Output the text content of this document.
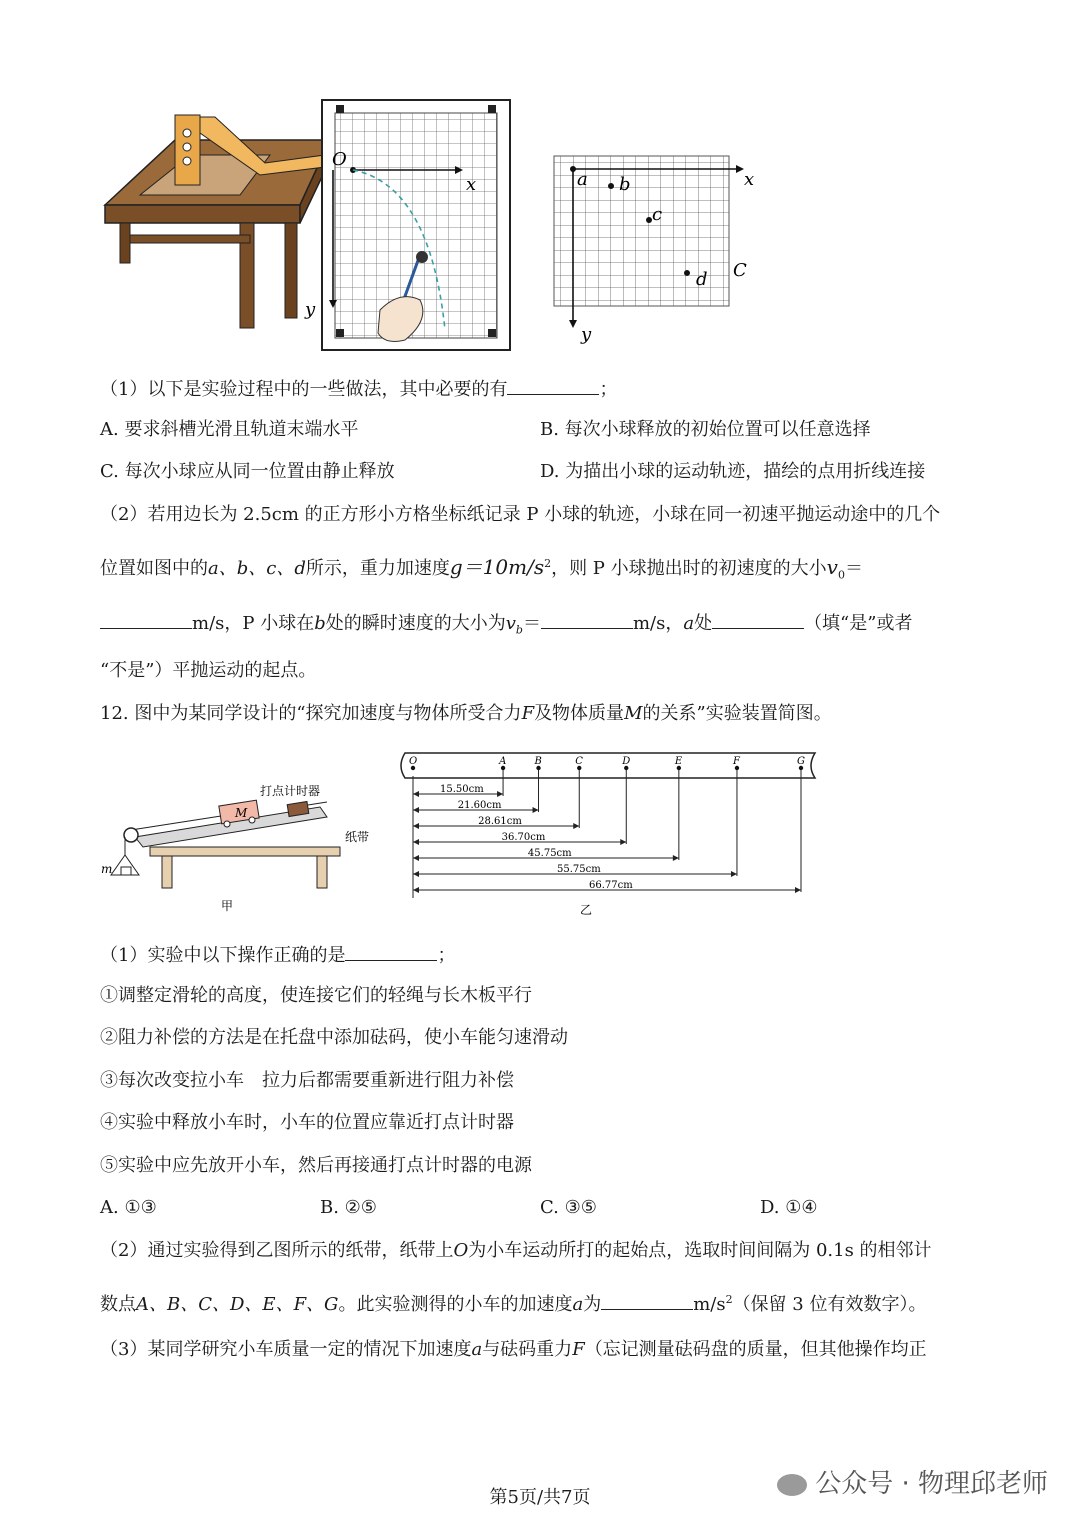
O
x
y
a b
c
d C
x
y
（1）以下是实验过程中的一些做法，其中必要的有	；
A. 要求斜槽光滑且轨道末端水平	B. 每次小球释放的初始位置可以任意选择
C. 每次小球应从同一位置由静止释放	D. 为描出小球的运动轨迹，描绘的点用折线连接
（2）若用边长为 2.5cm 的正方形小方格坐标纸记录 P 小球的轨迹，小球在同一初速平抛运动途中的几个
位置如图中的a、b、c、d所示，重力加速度$g=10m/s^2$，则 P 小球抛出时的初速度的大小$v_0=$
m/s，P 小球在b处的瞬时速度的大小为$v_b=$	m/s，a处	（填“是”或者
“不是”）平抛运动的起点。
12. 图中为某同学设计的“探究加速度与物体所受合力F及物体质量M的关系”实验装置简图。
打点计时器
纸带
M
m
甲
O	A	B	C	D	E	F	G
15.50cm
21.60cm
28.61cm
36.70cm
45.75cm
55.75cm
66.77cm
乙
（1）实验中以下操作正确的是	；
①调整定滑轮的高度，使连接它们的轻绳与长木板平行
②阻力补偿的方法是在托盘中添加砝码，使小车能匀速滑动
③每次改变拉小车　拉力后都需要重新进行阻力补偿
④实验中释放小车时，小车的位置应靠近打点计时器
⑤实验中应先放开小车，然后再接通打点计时器的电源
A. ①③	B. ②⑤	C. ③⑤	D. ①④
（2）通过实验得到乙图所示的纸带，纸带上O为小车运动所打的起始点，选取时间间隔为 0.1s 的相邻计
数点A、B、C、D、E、F、G。此实验测得的小车的加速度a为	$m/s^2$（保留 3 位有效数字）。
（3）某同学研究小车质量一定的情况下加速度a与砝码重力F（忘记测量砝码盘的质量，但其他操作均正
第5页/共7页	公众号 · 物理邱老师
